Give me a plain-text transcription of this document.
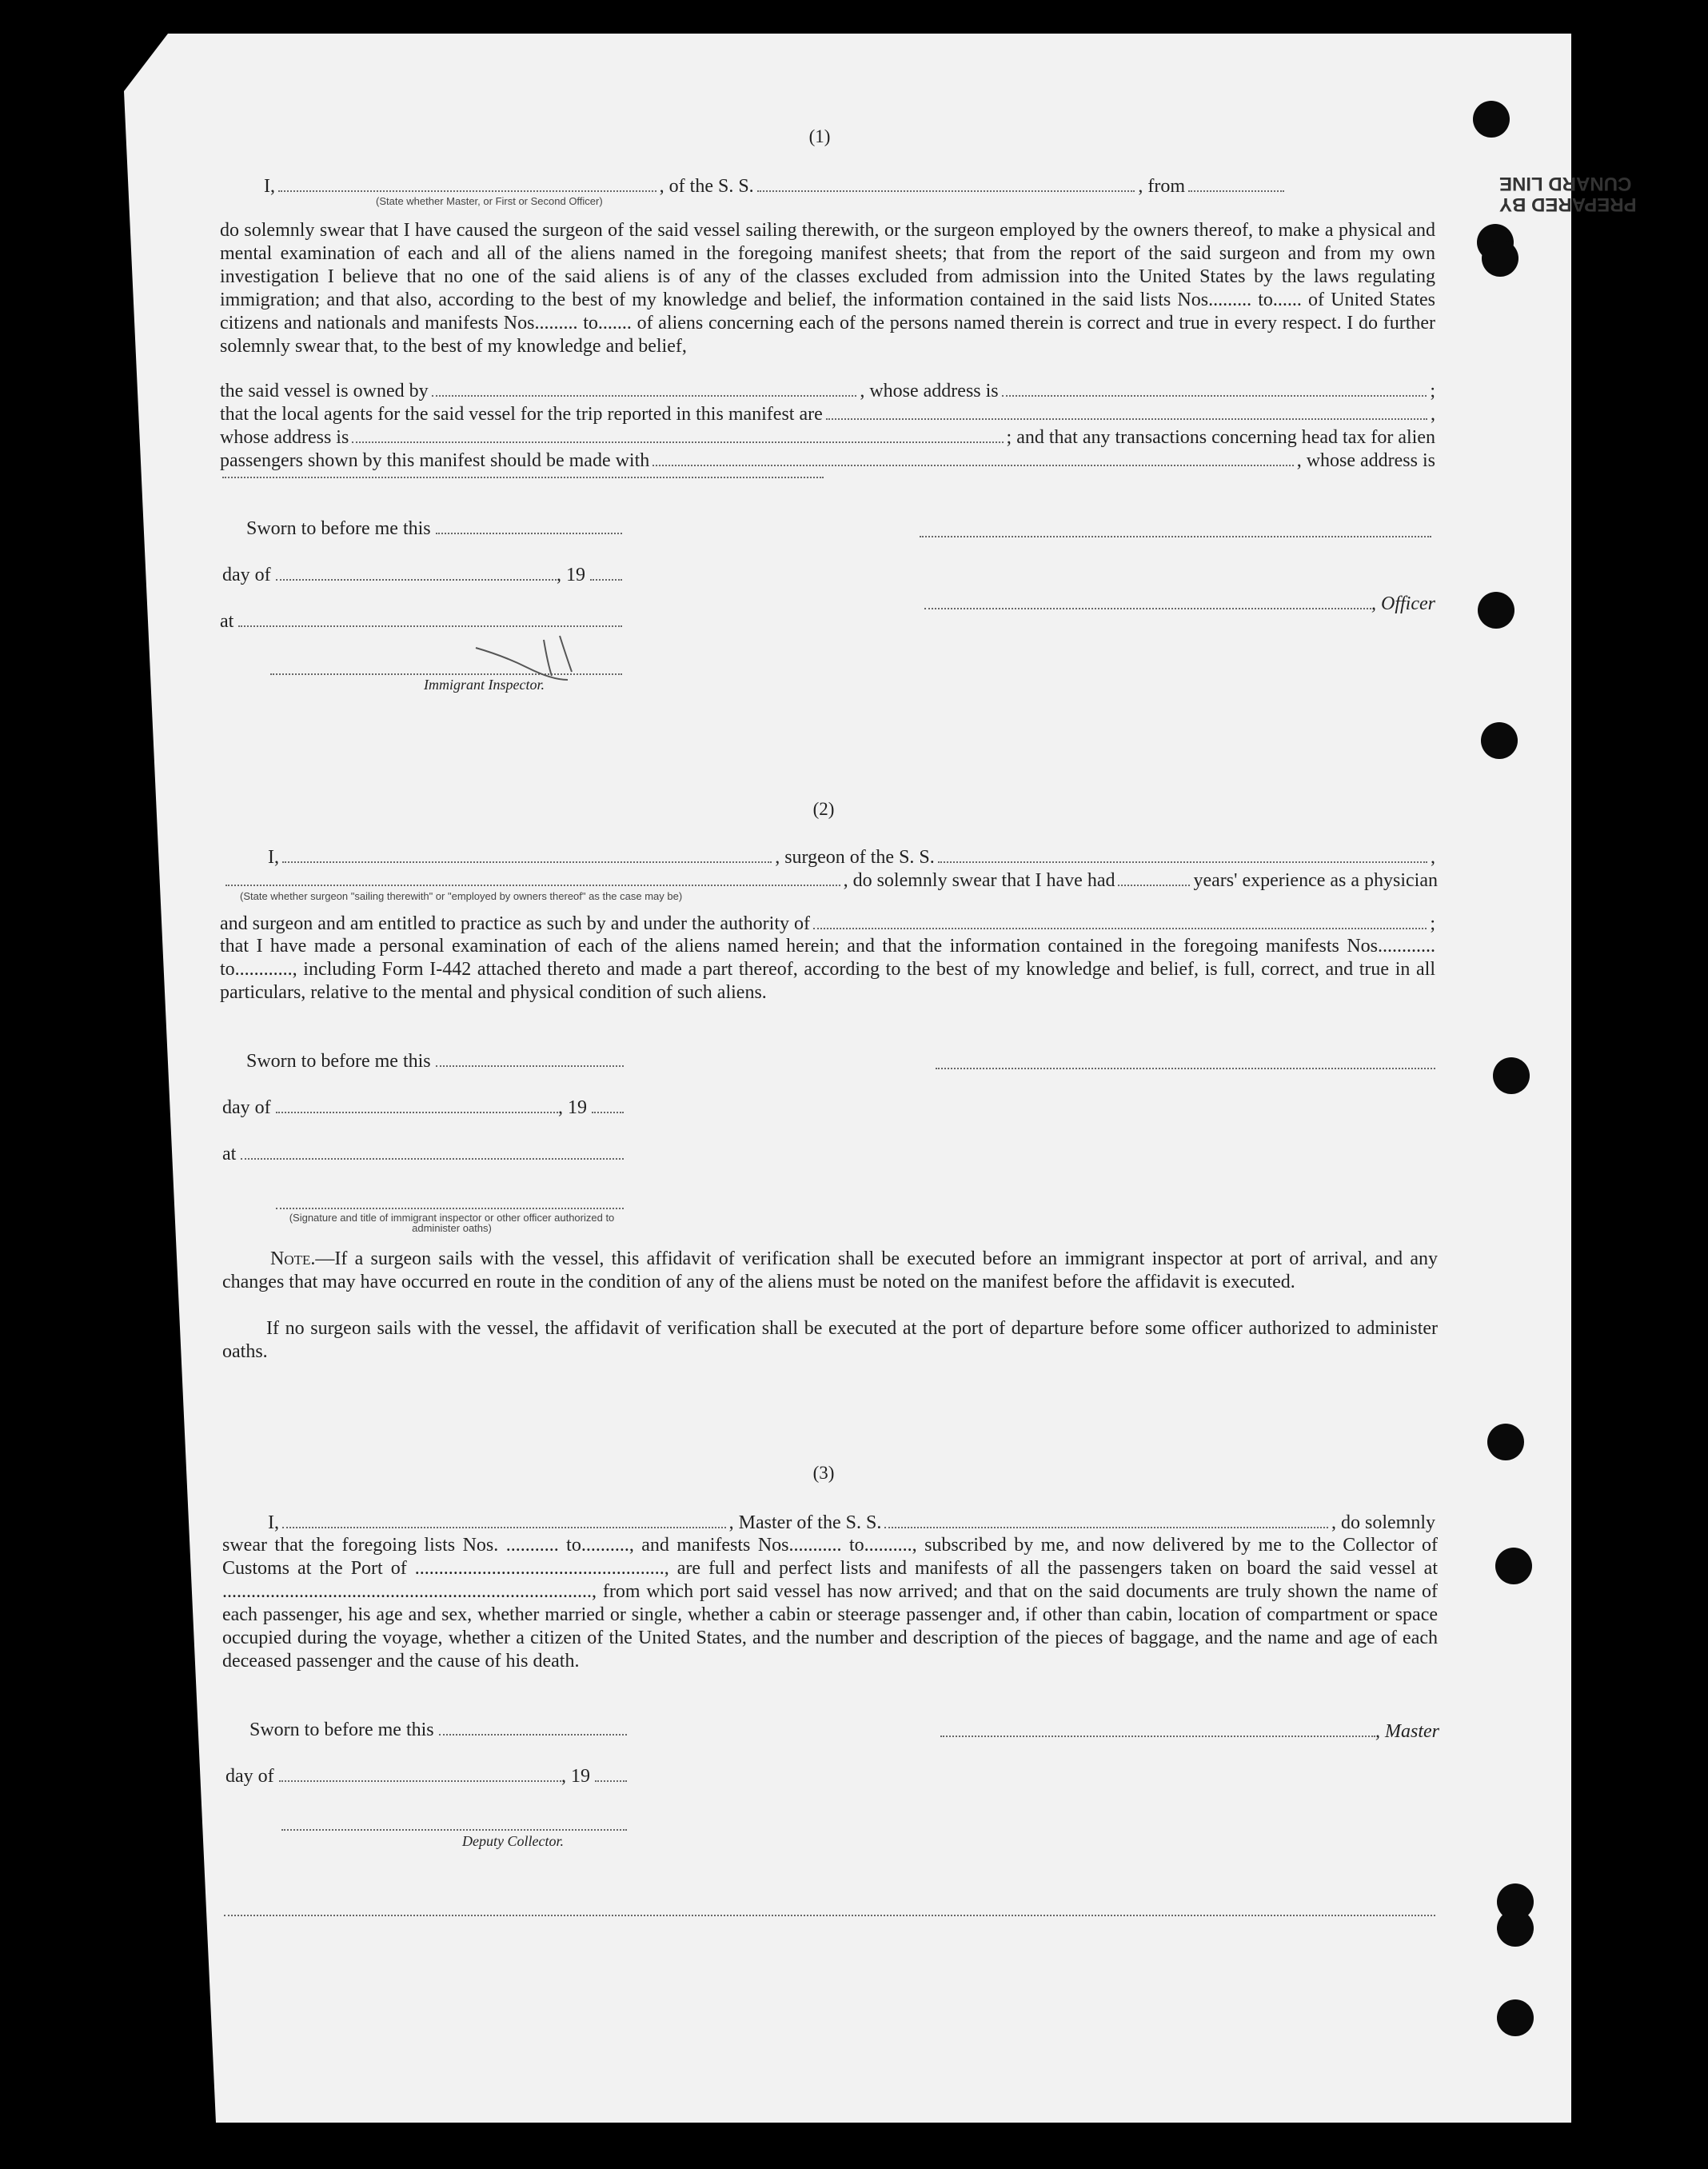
PREPARED BY
CUNARD LINE
(1)
I,	, of the S. S.	, from
(State whether Master, or First or Second Officer)
do solemnly swear that I have caused the surgeon of the said vessel sailing therewith, or the surgeon employed by the owners thereof, to make a physical and mental examination of each and all of the aliens named in the foregoing manifest sheets; that from the report of the said surgeon and from my own investigation I believe that no one of the said aliens is of any of the classes excluded from admission into the United States by the laws regulating immigration; and that also, according to the best of my knowledge and belief, the information contained in the said lists Nos......... to...... of United States citizens and nationals and manifests Nos......... to....... of aliens concerning each of the persons named therein is correct and true in every respect. I do further solemnly swear that, to the best of my knowledge and belief,
the said vessel is owned by	, whose address is	;
that the local agents for the said vessel for the trip reported in this manifest are	,
whose address is	; and that any transactions concerning head tax for alien
passengers shown by this manifest should be made with	, whose address is
Sworn to before me this
day of	, 19
at
Immigrant Inspector.
, Officer
(2)
I,	, surgeon of the S. S.	,
, do solemnly swear that I have had	years' experience as a physician
(State whether surgeon "sailing therewith" or "employed by owners thereof" as the case may be)
and surgeon and am entitled to practice as such by and under the authority of	;
that I have made a personal examination of each of the aliens named herein; and that the information contained in the foregoing manifests Nos............ to............, including Form I-442 attached thereto and made a part thereof, according to the best of my knowledge and belief, is full, correct, and true in all particulars, relative to the mental and physical condition of such aliens.
Sworn to before me this
day of	, 19
at
(Signature and title of immigrant inspector or other officer authorized to administer oaths)
Note.—If a surgeon sails with the vessel, this affidavit of verification shall be executed before an immigrant inspector at port of arrival, and any changes that may have occurred en route in the condition of any of the aliens must be noted on the manifest before the affidavit is executed.
If no surgeon sails with the vessel, the affidavit of verification shall be executed at the port of departure before some officer authorized to administer oaths.
(3)
I,	, Master of the S. S.	, do solemnly
swear that the foregoing lists Nos. ........... to.........., and manifests Nos........... to.........., subscribed by me, and now delivered by me to the Collector of Customs at the Port of ...................................................., are full and perfect lists and manifests of all the passengers taken on board the said vessel at ............................................................................., from which port said vessel has now arrived; and that on the said documents are truly shown the name of each passenger, his age and sex, whether married or single, whether a cabin or steerage passenger and, if other than cabin, location of compartment or space occupied during the voyage, whether a citizen of the United States, and the number and description of the pieces of baggage, and the name and age of each deceased passenger and the cause of his death.
Sworn to before me this	, Master
day of	, 19
Deputy Collector.
